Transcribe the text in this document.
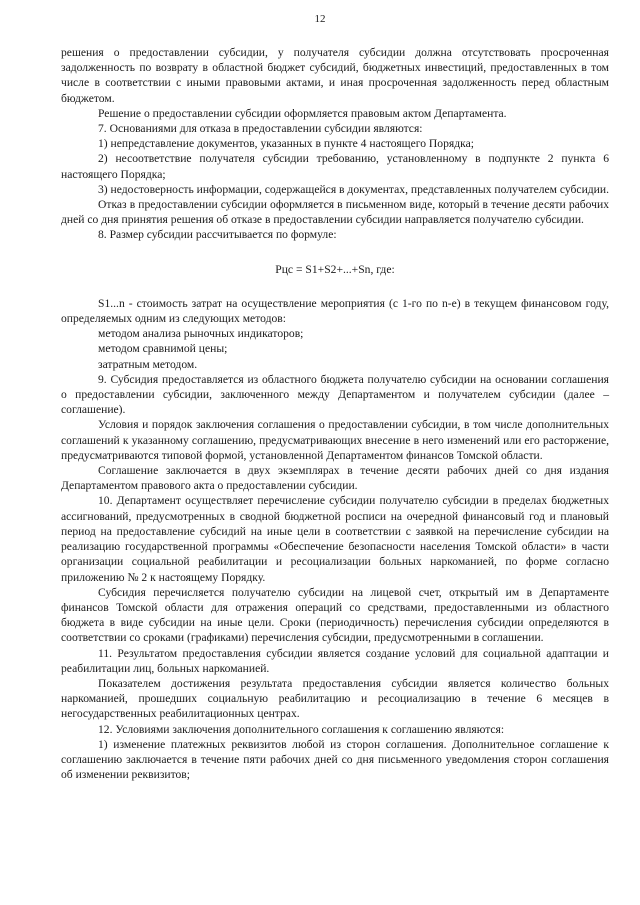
12

решения о предоставлении субсидии, у получателя субсидии должна отсутствовать просроченная задолженность по возврату в областной бюджет субсидий, бюджетных инвестиций, предоставленных в том числе в соответствии с иными правовыми актами, и иная просроченная задолженность перед областным бюджетом.

Решение о предоставлении субсидии оформляется правовым актом Департамента.

7. Основаниями для отказа в предоставлении субсидии являются:

1) непредставление документов, указанных в пункте 4 настоящего Порядка;

2) несоответствие получателя субсидии требованию, установленному в подпункте 2 пункта 6 настоящего Порядка;

3) недостоверность информации, содержащейся в документах, представленных получателем субсидии.

Отказ в предоставлении субсидии оформляется в письменном виде, который в течение десяти рабочих дней со дня принятия решения об отказе в предоставлении субсидии направляется получателю субсидии.

8. Размер субсидии рассчитывается по формуле:

Рцс = S1+S2+...+Sn, где:

S1...n - стоимость затрат на осуществление мероприятия (с 1-го по n-е) в текущем финансовом году, определяемых одним из следующих методов:

методом анализа рыночных индикаторов;

методом сравнимой цены;

затратным методом.

9. Субсидия предоставляется из областного бюджета получателю субсидии на основании соглашения о предоставлении субсидии, заключенного между Департаментом и получателем субсидии (далее – соглашение).

Условия и порядок заключения соглашения о предоставлении субсидии, в том числе дополнительных соглашений к указанному соглашению, предусматривающих внесение в него изменений или его расторжение, предусматриваются типовой формой, установленной Департаментом финансов Томской области.

Соглашение заключается в двух экземплярах в течение десяти рабочих дней со дня издания Департаментом правового акта о предоставлении субсидии.

10. Департамент осуществляет перечисление субсидии получателю субсидии в пределах бюджетных ассигнований, предусмотренных в сводной бюджетной росписи на очередной финансовый год и плановый период на предоставление субсидий на иные цели в соответствии с заявкой на перечисление субсидии на реализацию государственной программы «Обеспечение безопасности населения Томской области» в части организации социальной реабилитации и ресоциализации больных наркоманией, по форме согласно приложению № 2 к настоящему Порядку.

Субсидия перечисляется получателю субсидии на лицевой счет, открытый им в Департаменте финансов Томской области для отражения операций со средствами, предоставленными из областного бюджета в виде субсидии на иные цели. Сроки (периодичность) перечисления субсидии определяются в соответствии со сроками (графиками) перечисления субсидии, предусмотренными в соглашении.

11. Результатом предоставления субсидии является создание условий для социальной адаптации и реабилитации лиц, больных наркоманией.

Показателем достижения результата предоставления субсидии является количество больных наркоманией, прошедших социальную реабилитацию и ресоциализацию в течение 6 месяцев в негосударственных реабилитационных центрах.

12. Условиями заключения дополнительного соглашения к соглашению являются:

1) изменение платежных реквизитов любой из сторон соглашения. Дополнительное соглашение к соглашению заключается в течение пяти рабочих дней со дня письменного уведомления сторон соглашения об изменении реквизитов;
